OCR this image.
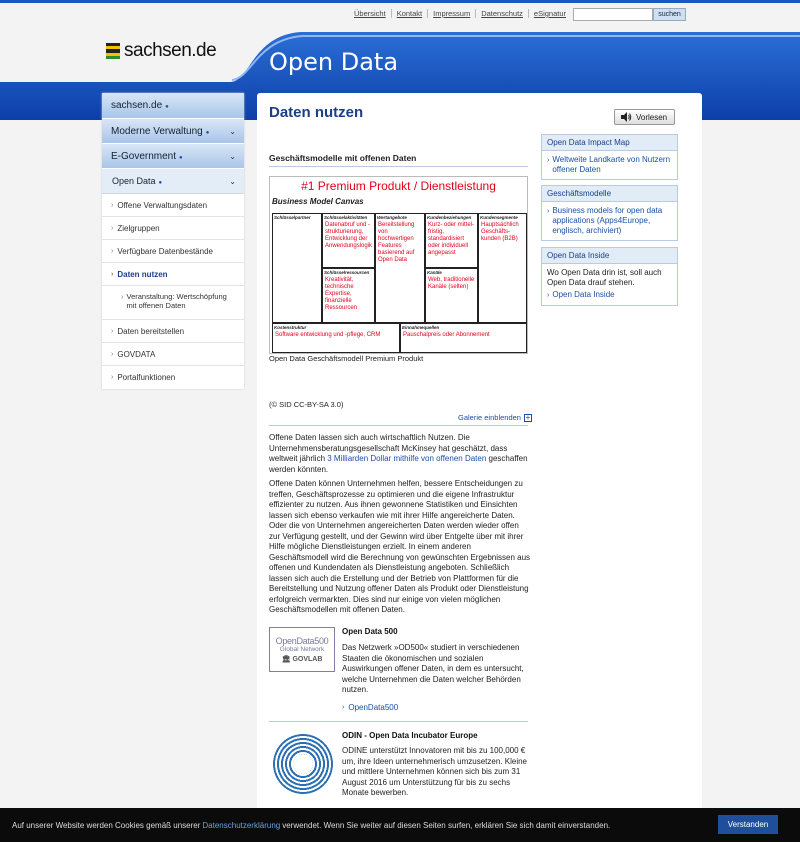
Übersicht	Kontakt	Impressum	Datenschutz	eSignatur	suchen
sachsen.de Open Data
sachsen.de ●
Moderne Verwaltung ● ⌄
E-Government ●	⌄
Open Data ●	⌄
› Offene Verwaltungsdaten
› Zielgruppen
› Verfügbare Datenbestände
› Daten nutzen
› Veranstaltung: Wertschöpfung mit offenen Daten
› Daten bereitstellen
› GOVDATA
› Portalfunktionen
Daten nutzen	Vorlesen
Geschäftsmodelle mit offenen Daten
#1 Premium Produkt / Dienstleistung
Business Model Canvas
Schlüsselpartner	Schlüsselaktivitäten
Datenabruf und -strukturierung, Entwicklung der Anwendungslogik
Schlüsselressourcen
Kreativität, technische Expertise, finanzielle Ressourcen
Wertangebote
Bereitstellung von hochwertigen Features basierend auf Open Data
Kundenbeziehungen
Kurz- oder mittel-fristig, standardisiert oder individuell angepasst
Kanäle
Web, traditionelle Kanäle (selten)
Kundensegmente
Hauptsächlich Geschäfts-kunden (B2B)
Kostenstruktur
Software entwicklung und -pflege, CRM
Einnahmequellen
Pauschalpreis oder Abonnement
Open Data Geschäftsmodell Premium Produkt
(© SID CC-BY-SA 3.0)
Galerie einblenden +

Offene Daten lassen sich auch wirtschaftlich Nutzen. Die Unternehmensberatungsgesellschaft McKinsey hat geschätzt, dass weltweit jährlich 3 Milliarden Dollar mithilfe von offenen Daten geschaffen werden könnten.

Offene Daten können Unternehmen helfen, bessere Entscheidungen zu treffen, Geschäftsprozesse zu optimieren und die eigene Infrastruktur effizienter zu nutzen. Aus ihnen gewonnene Statistiken und Einsichten lassen sich ebenso verkaufen wie mit ihrer Hilfe angereicherte Daten. Oder die von Unternehmen angereicherten Daten werden wieder offen zur Verfügung gestellt, und der Gewinn wird über Entgelte über mit ihrer Hilfe mögliche Dienstleistungen erzielt. In einem anderen Geschäftsmodell wird die Berechnung von gewünschten Ergebnissen aus offenen und Kundendaten als Dienstleistung angeboten. Schließlich lassen sich auch die Erstellung und der Betrieb von Plattformen für die Bereitstellung und Nutzung offener Daten als Produkt oder Dienstleistung erfolgreich vermarkten. Dies sind nur einige von vielen möglichen Geschäftsmodellen mit offenen Daten.

OpenData500
Global Network
🏛 GOVLAB
Open Data 500
Das Netzwerk »OD500« studiert in verschiedenen Staaten die ökonomischen und sozialen Auswirkungen offener Daten, in dem es untersucht, welche Unternehmen die Daten welcher Behörden nutzen.
› OpenData500
ODIN - Open Data Incubator Europe
ODINE unterstützt Innovatoren mit bis zu 100,000 € um, ihre Ideen unternehmerisch umzusetzen. Kleine und mittlere Unternehmen können sich bis zum 31 August 2016 um Unterstützung für bis zu sechs Monate bewerben.
Open Data Impact Map
› Weltweite Landkarte von Nutzern offener Daten
Geschäftsmodelle
› Business models for open data applications (Apps4Europe, englisch, archiviert)
Open Data Inside
Wo Open Data drin ist, soll auch Open Data drauf stehen.
› Open Data Inside
Auf unserer Website werden Cookies gemäß unserer Datenschutzerklärung verwendet. Wenn Sie weiter auf diesen Seiten surfen, erklären Sie sich damit einverstanden.	Verstanden
